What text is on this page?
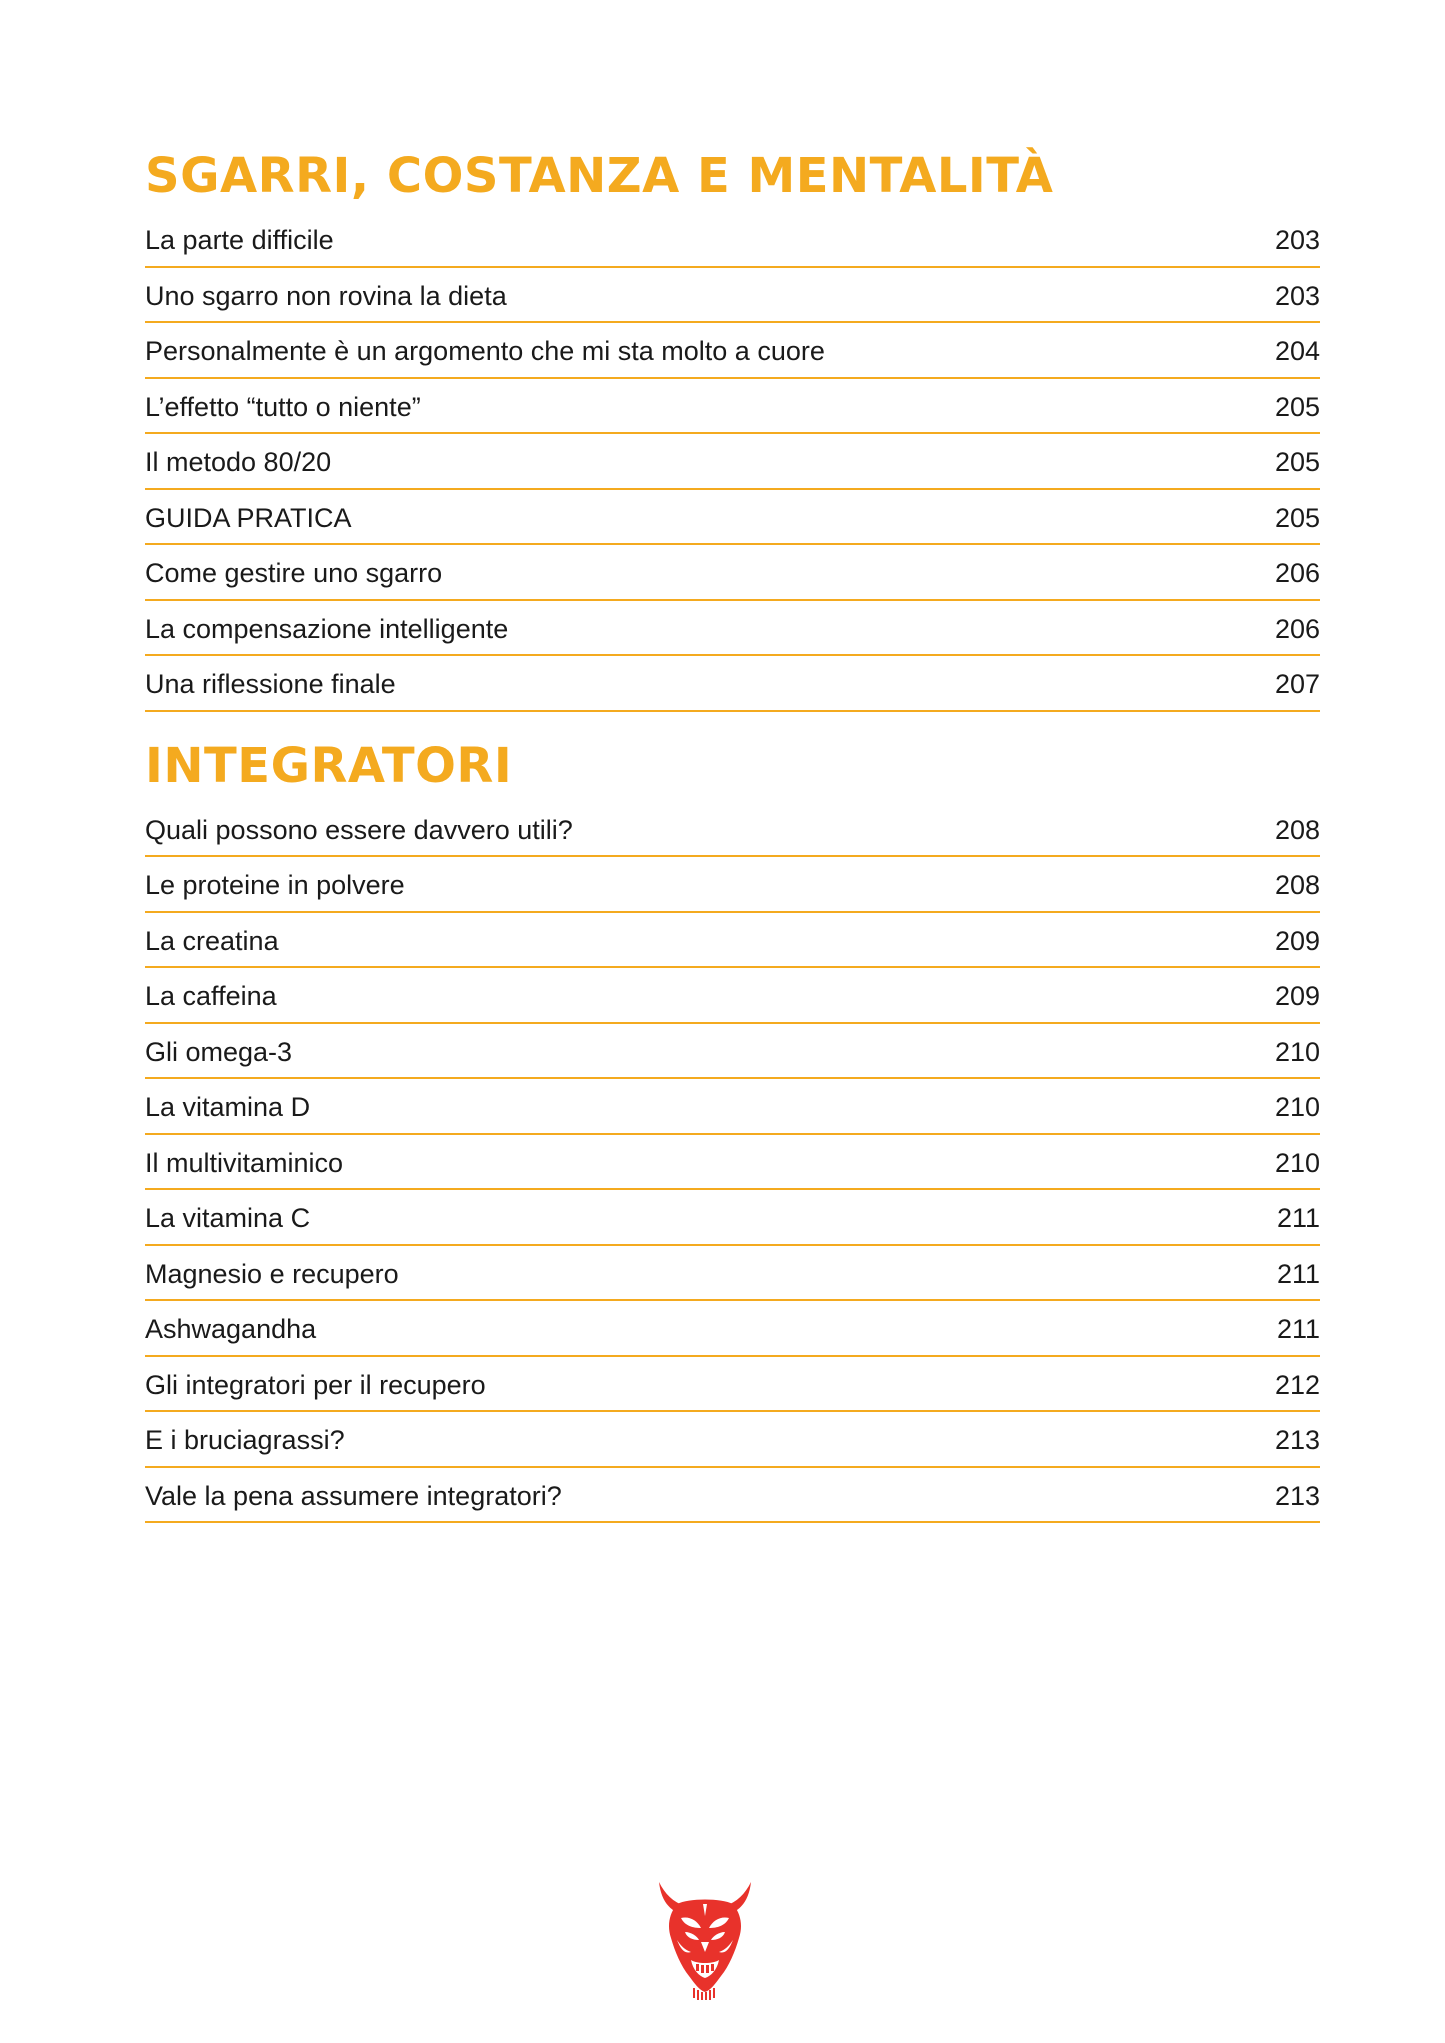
SGARRI, COSTANZA E MENTALITÀ
La parte difficile	203
Uno sgarro non rovina la dieta	203
Personalmente è un argomento che mi sta molto a cuore	204
L’effetto “tutto o niente”	205
Il metodo 80/20	205
GUIDA PRATICA	205
Come gestire uno sgarro	206
La compensazione intelligente	206
Una riflessione finale	207
INTEGRATORI
Quali possono essere davvero utili?	208
Le proteine in polvere	208
La creatina	209
La caffeina	209
Gli omega-3	210
La vitamina D	210
Il multivitaminico	210
La vitamina C	211
Magnesio e recupero	211
Ashwagandha	211
Gli integratori per il recupero	212
E i bruciagrassi?	213
Vale la pena assumere integratori?	213
